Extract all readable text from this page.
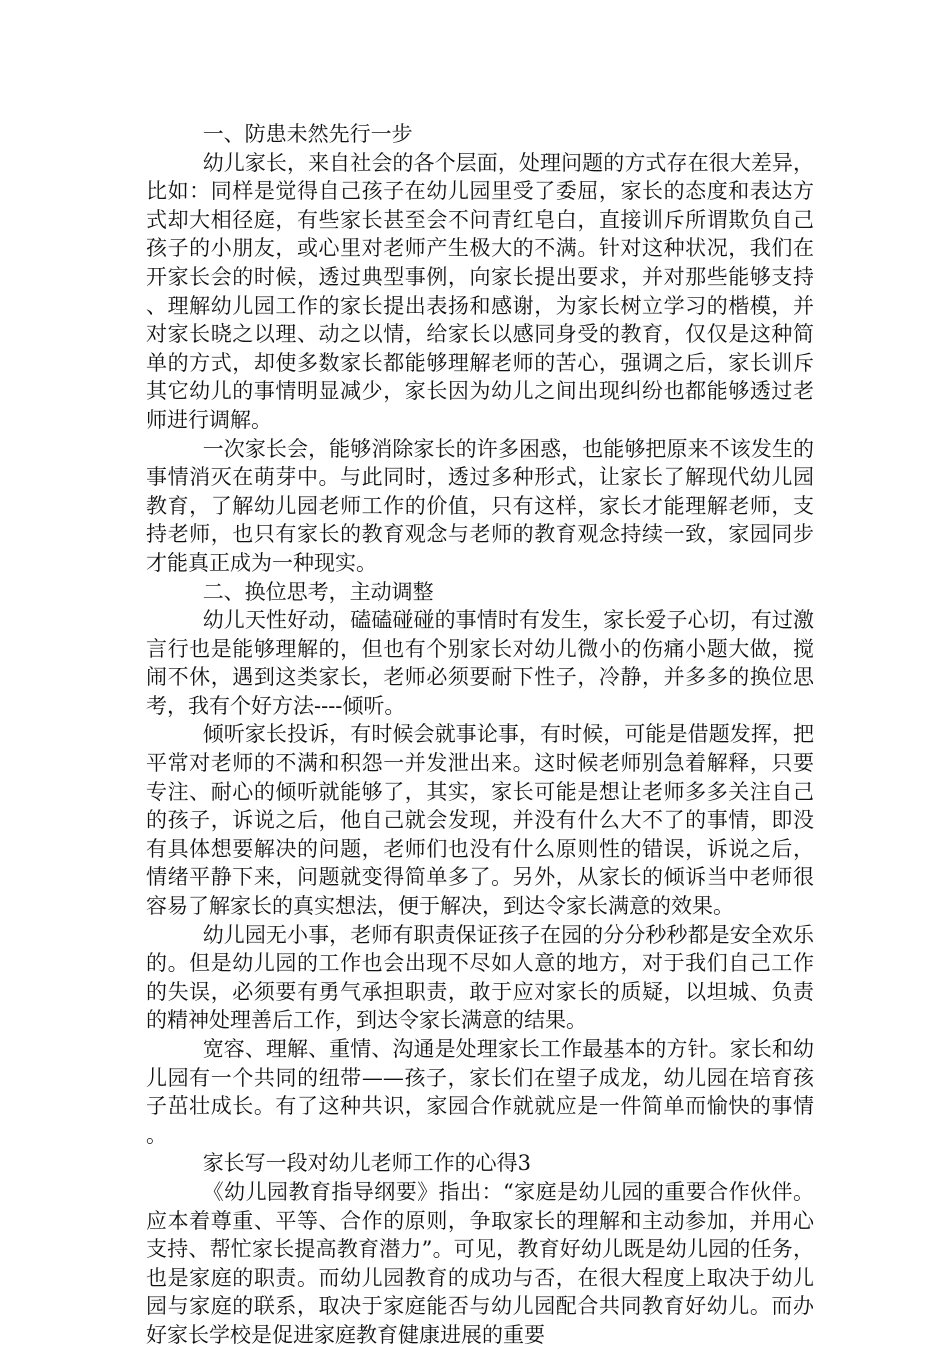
一、防患未然先行一步

幼儿家长，来自社会的各个层面，处理问题的方式存在很大差异，比如：同样是觉得自己孩子在幼儿园里受了委屈，家长的态度和表达方式却大相径庭，有些家长甚至会不问青红皂白，直接训斥所谓欺负自己孩子的小朋友，或心里对老师产生极大的不满。针对这种状况，我们在开家长会的时候，透过典型事例，向家长提出要求，并对那些能够支持、理解幼儿园工作的家长提出表扬和感谢，为家长树立学习的楷模，并对家长晓之以理、动之以情，给家长以感同身受的教育，仅仅是这种简单的方式，却使多数家长都能够理解老师的苦心，强调之后，家长训斥其它幼儿的事情明显减少，家长因为幼儿之间出现纠纷也都能够透过老师进行调解。

一次家长会，能够消除家长的许多困惑，也能够把原来不该发生的事情消灭在萌芽中。与此同时，透过多种形式，让家长了解现代幼儿园教育，了解幼儿园老师工作的价值，只有这样，家长才能理解老师，支持老师，也只有家长的教育观念与老师的教育观念持续一致，家园同步才能真正成为一种现实。

二、换位思考，主动调整

幼儿天性好动，磕磕碰碰的事情时有发生，家长爱子心切，有过激言行也是能够理解的，但也有个别家长对幼儿微小的伤痛小题大做，搅闹不休，遇到这类家长，老师必须要耐下性子，冷静，并多多的换位思考，我有个好方法----倾听。

倾听家长投诉，有时候会就事论事，有时候，可能是借题发挥，把平常对老师的不满和积怨一并发泄出来。这时候老师别急着解释，只要专注、耐心的倾听就能够了，其实，家长可能是想让老师多多关注自己的孩子，诉说之后，他自己就会发现，并没有什么大不了的事情，即没有具体想要解决的问题，老师们也没有什么原则性的错误，诉说之后，情绪平静下来，问题就变得简单多了。另外，从家长的倾诉当中老师很容易了解家长的真实想法，便于解决，到达令家长满意的效果。

幼儿园无小事，老师有职责保证孩子在园的分分秒秒都是安全欢乐的。但是幼儿园的工作也会出现不尽如人意的地方，对于我们自己工作的失误，必须要有勇气承担职责，敢于应对家长的质疑，以坦城、负责的精神处理善后工作，到达令家长满意的结果。

宽容、理解、重情、沟通是处理家长工作最基本的方针。家长和幼儿园有一个共同的纽带——孩子，家长们在望子成龙，幼儿园在培育孩子茁壮成长。有了这种共识，家园合作就就应是一件简单而愉快的事情。

家长写一段对幼儿老师工作的心得3

《幼儿园教育指导纲要》指出：“家庭是幼儿园的重要合作伙伴。应本着尊重、平等、合作的原则，争取家长的理解和主动参加，并用心支持、帮忙家长提高教育潜力”。可见，教育好幼儿既是幼儿园的任务，也是家庭的职责。而幼儿园教育的成功与否，在很大程度上取决于幼儿园与家庭的联系，取决于家庭能否与幼儿园配合共同教育好幼儿。而办好家长学校是促进家庭教育健康进展的重要
